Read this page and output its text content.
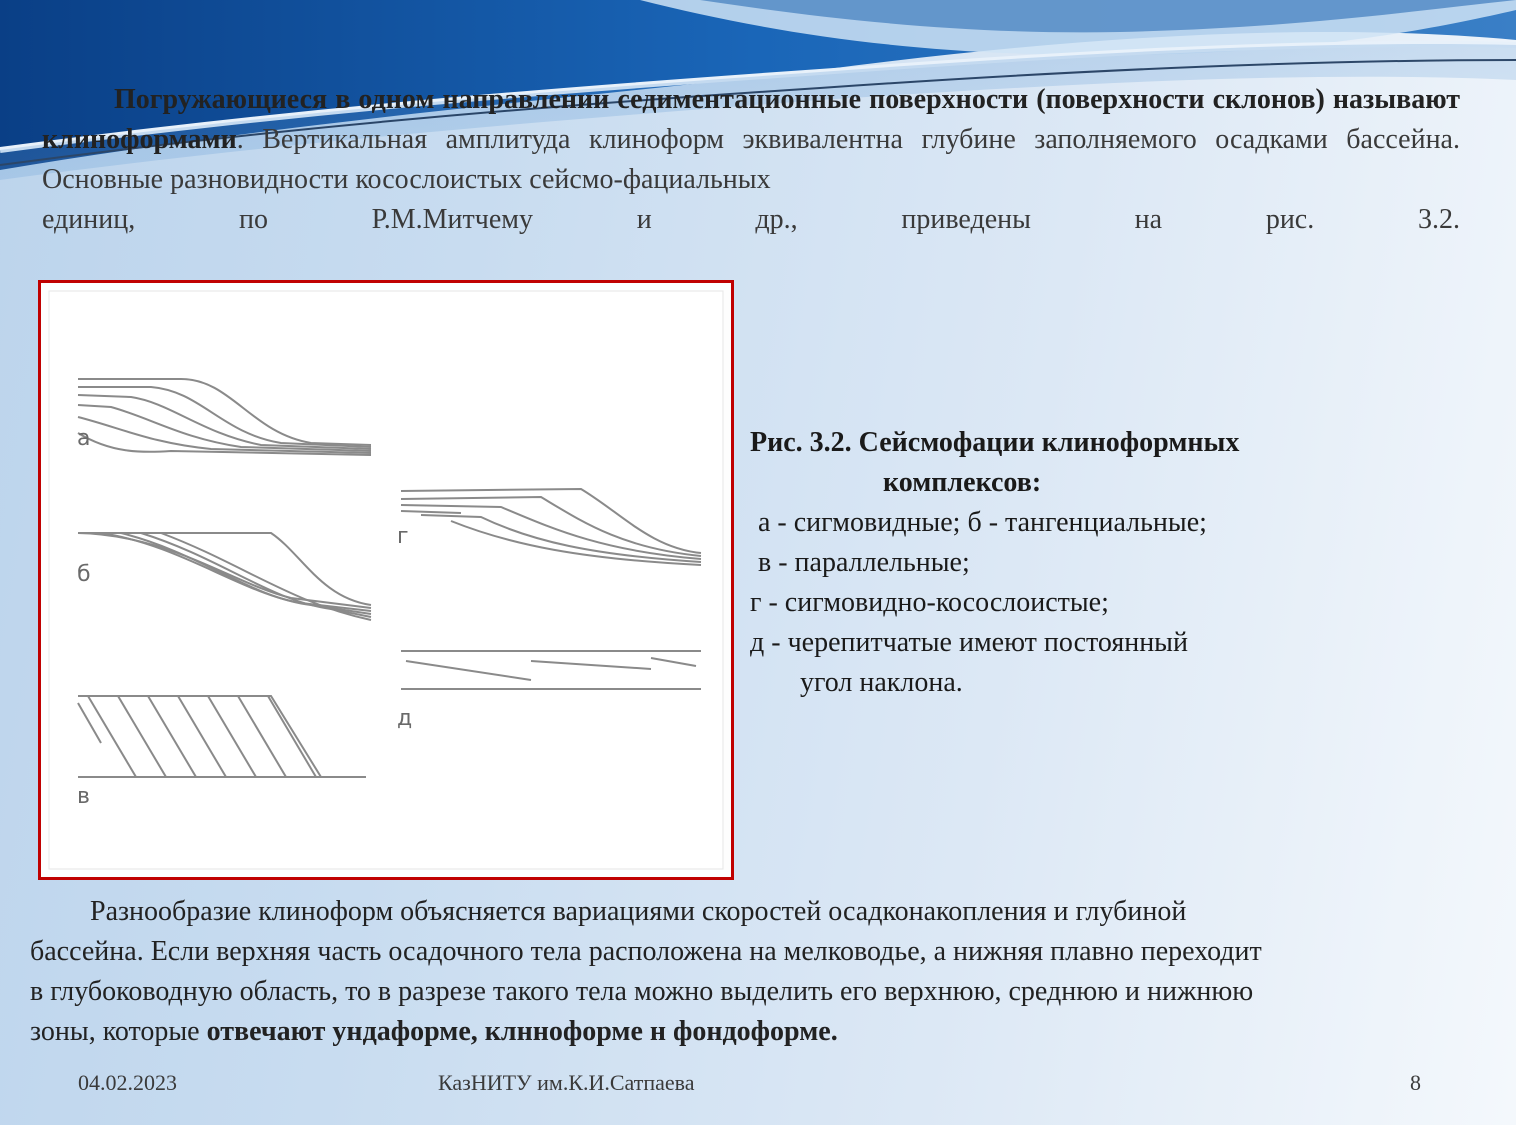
Погружающиеся в одном направлении седиментационные поверхности (поверхности склонов) называют клиноформами. Вертикальная амплитуда клиноформ эквивалентна глубине заполняемого осадками бассейна. Основные разновидности косослоистых сейсмо-фациальных
единиц,	по	Р.М.Митчему	и	др.,	приведены	на	рис.	3.2.
а
б
в
г
д
Рис. 3.2. Сейсмофации клиноформных
комплексов:
а - сигмовидные; б - тангенциальные;
в - параллельные;
г - сигмовидно-косослоистые;
д - черепитчатые имеют постоянный
угол наклона.
Разнообразие клиноформ объясняется вариациями скоростей осадконакопления и глубиной
бассейна. Если верхняя часть осадочного тела расположена на мелководье, а нижняя плавно переходит
в глубоководную область, то в разрезе такого тела можно выделить его верхнюю, среднюю и нижнюю
зоны, которые отвечают ундаформе, клнноформе н фондоформе.
04.02.2023	КазНИТУ им.К.И.Сатпаева	8
